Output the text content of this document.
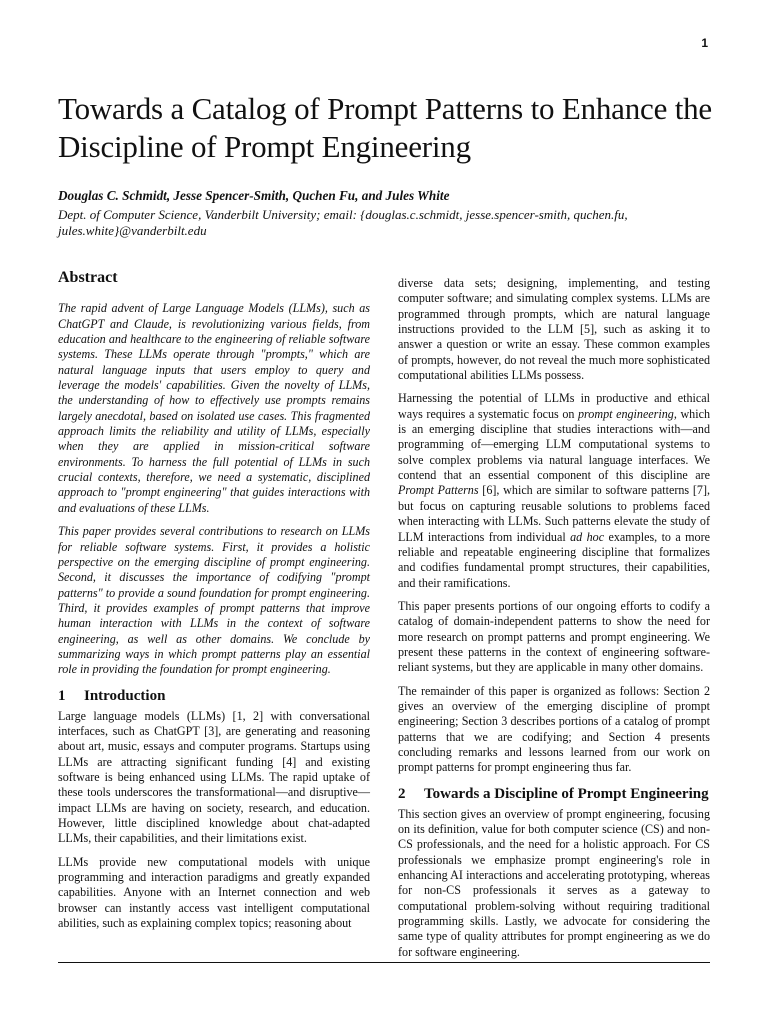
1
Towards a Catalog of Prompt Patterns to Enhance the Discipline of Prompt Engineering

Douglas C. Schmidt, Jesse Spencer-Smith, Quchen Fu, and Jules White

Dept. of Computer Science, Vanderbilt University; email: {douglas.c.schmidt, jesse.spencer-smith, quchen.fu, jules.white}@vanderbilt.edu

Abstract

The rapid advent of Large Language Models (LLMs), such as ChatGPT and Claude, is revolutionizing various fields, from education and healthcare to the engineering of reliable software systems. These LLMs operate through "prompts," which are natural language inputs that users employ to query and leverage the models' capabilities. Given the novelty of LLMs, the understanding of how to effectively use prompts remains largely anecdotal, based on isolated use cases. This fragmented approach limits the reliability and utility of LLMs, especially when they are applied in mission-critical software environments. To harness the full potential of LLMs in such crucial contexts, therefore, we need a systematic, disciplined approach to "prompt engineering" that guides interactions with and evaluations of these LLMs.

This paper provides several contributions to research on LLMs for reliable software systems. First, it provides a holistic perspective on the emerging discipline of prompt engineering. Second, it discusses the importance of codifying "prompt patterns" to provide a sound foundation for prompt engineering. Third, it provides examples of prompt patterns that improve human interaction with LLMs in the context of software engineering, as well as other domains. We conclude by summarizing ways in which prompt patterns play an essential role in providing the foundation for prompt engineering.

1	Introduction

Large language models (LLMs) [1, 2] with conversational interfaces, such as ChatGPT [3], are generating and reasoning about art, music, essays and computer programs. Startups using LLMs are attracting significant funding [4] and existing software is being enhanced using LLMs. The rapid uptake of these tools underscores the transformational—and disruptive—impact LLMs are having on society, research, and education. However, little disciplined knowledge about chat-adapted LLMs, their capabilities, and their limitations exist.

LLMs provide new computational models with unique programming and interaction paradigms and greatly expanded capabilities. Anyone with an Internet connection and web browser can instantly access vast intelligent computational abilities, such as explaining complex topics; reasoning about

diverse data sets; designing, implementing, and testing computer software; and simulating complex systems. LLMs are programmed through prompts, which are natural language instructions provided to the LLM [5], such as asking it to answer a question or write an essay. These common examples of prompts, however, do not reveal the much more sophisticated computational abilities LLMs possess.

Harnessing the potential of LLMs in productive and ethical ways requires a systematic focus on prompt engineering, which is an emerging discipline that studies interactions with—and programming of—emerging LLM computational systems to solve complex problems via natural language interfaces. We contend that an essential component of this discipline are Prompt Patterns [6], which are similar to software patterns [7], but focus on capturing reusable solutions to problems faced when interacting with LLMs. Such patterns elevate the study of LLM interactions from individual ad hoc examples, to a more reliable and repeatable engineering discipline that formalizes and codifies fundamental prompt structures, their capabilities, and their ramifications.

This paper presents portions of our ongoing efforts to codify a catalog of domain-independent patterns to show the need for more research on prompt patterns and prompt engineering. We present these patterns in the context of engineering software-reliant systems, but they are applicable in many other domains.

The remainder of this paper is organized as follows: Section 2 gives an overview of the emerging discipline of prompt engineering; Section 3 describes portions of a catalog of prompt patterns that we are codifying; and Section 4 presents concluding remarks and lessons learned from our work on prompt patterns for prompt engineering thus far.

2	Towards a Discipline of Prompt Engineering

This section gives an overview of prompt engineering, focusing on its definition, value for both computer science (CS) and non-CS professionals, and the need for a holistic approach. For CS professionals we emphasize prompt engineering's role in enhancing AI interactions and accelerating prototyping, whereas for non-CS professionals it serves as a gateway to computational problem-solving without requiring traditional programming skills. Lastly, we advocate for considering the same type of quality attributes for prompt engineering as we do for software engineering.
